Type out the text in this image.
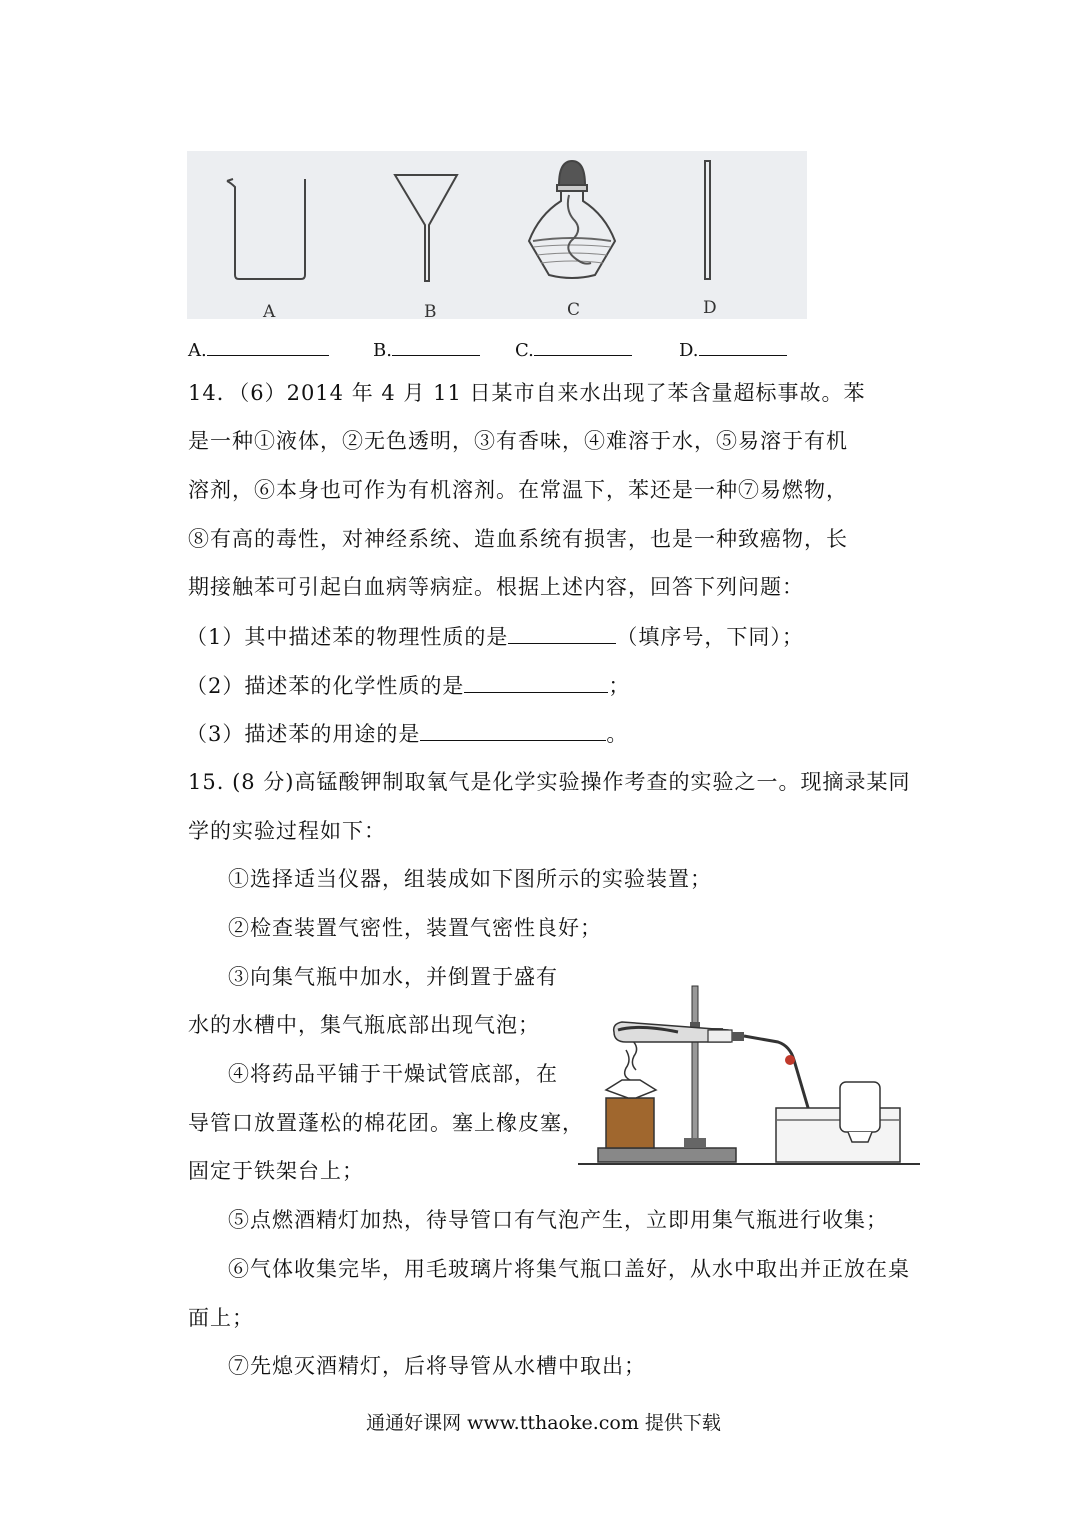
A	B	C	D
A.	B.	C.	D.
14．（6）2014 年 4 月 11 日某市自来水出现了苯含量超标事故。苯
是一种①液体，②无色透明，③有香味，④难溶于水，⑤易溶于有机
溶剂，⑥本身也可作为有机溶剂。在常温下，苯还是一种⑦易燃物，
⑧有高的毒性，对神经系统、造血系统有损害，也是一种致癌物，长
期接触苯可引起白血病等病症。根据上述内容，回答下列问题：
（1）其中描述苯的物理性质的是	（填序号，下同）；
（2）描述苯的化学性质的是	；
（3）描述苯的用途的是	。
15. (8 分)高锰酸钾制取氧气是化学实验操作考查的实验之一。现摘录某同
学的实验过程如下：
①选择适当仪器，组装成如下图所示的实验装置；
②检查装置气密性，装置气密性良好；
③向集气瓶中加水，并倒置于盛有
水的水槽中，集气瓶底部出现气泡；
④将药品平铺于干燥试管底部，在
导管口放置蓬松的棉花团。塞上橡皮塞，
固定于铁架台上；
⑤点燃酒精灯加热，待导管口有气泡产生，立即用集气瓶进行收集；
⑥气体收集完毕，用毛玻璃片将集气瓶口盖好，从水中取出并正放在桌
面上；
⑦先熄灭酒精灯，后将导管从水槽中取出；
通通好课网 www.tthaoke.com 提供下载
